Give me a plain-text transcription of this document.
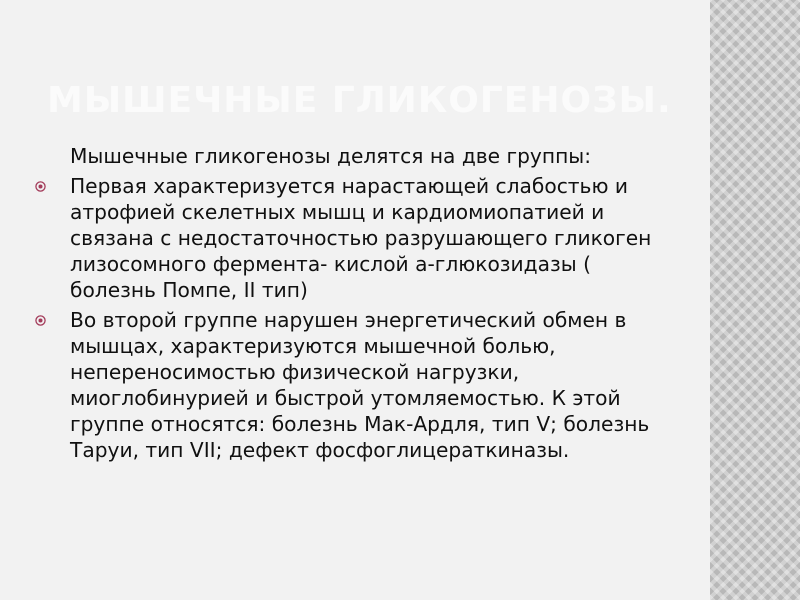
МЫШЕЧНЫЕ ГЛИКОГЕНОЗЫ.
Мышечные гликогенозы делятся на две группы:
Первая характеризуется нарастающей слабостью и атрофией скелетных мышц и кардиомиопатией и связана с недостаточностью разрушающего гликоген лизосомного фермента- кислой а-глюкозидазы ( болезнь Помпе, II тип)
Во второй группе нарушен энергетический обмен в мышцах, характеризуются мышечной болью, непереносимостью физической нагрузки, миоглобинурией и быстрой утомляемостью. К этой группе относятся: болезнь Мак-Ардля, тип V; болезнь Таруи, тип VII; дефект фосфоглицераткиназы.
